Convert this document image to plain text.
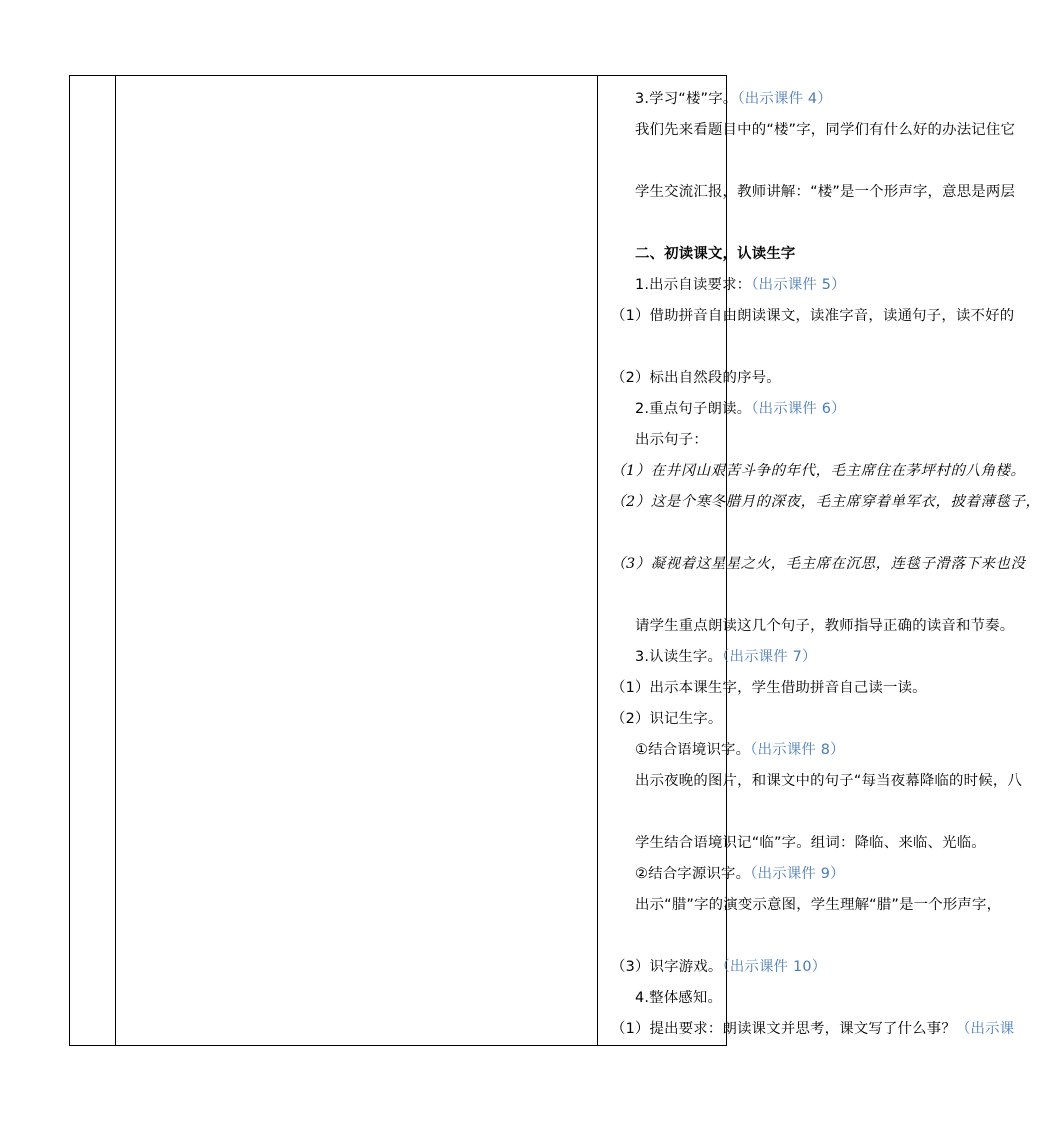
3.学习“楼”字。（出示课件 4）
我们先来看题目中的“楼”字，同学们有什么好的办法记住它
学生交流汇报，教师讲解：“楼”是一个形声字，意思是两层
二、初读课文，认读生字
1.出示自读要求：（出示课件 5）
（1）借助拼音自由朗读课文，读准字音，读通句子，读不好的
（2）标出自然段的序号。
2.重点句子朗读。（出示课件 6）
出示句子：
（1）在井冈山艰苦斗争的年代，毛主席住在茅坪村的八角楼。
（2）这是个寒冬腊月的深夜，毛主席穿着单军衣，披着薄毯子，
（3）凝视着这星星之火，毛主席在沉思，连毯子滑落下来也没
请学生重点朗读这几个句子，教师指导正确的读音和节奏。
3.认读生字。（出示课件 7）
（1）出示本课生字，学生借助拼音自己读一读。
（2）识记生字。
①结合语境识字。（出示课件 8）
出示夜晚的图片，和课文中的句子“每当夜幕降临的时候，八
学生结合语境识记“临”字。组词：降临、来临、光临。
②结合字源识字。（出示课件 9）
出示“腊”字的演变示意图，学生理解“腊”是一个形声字，
（3）识字游戏。（出示课件 10）
4.整体感知。
（1）提出要求：朗读课文并思考，课文写了什么事？（出示课
